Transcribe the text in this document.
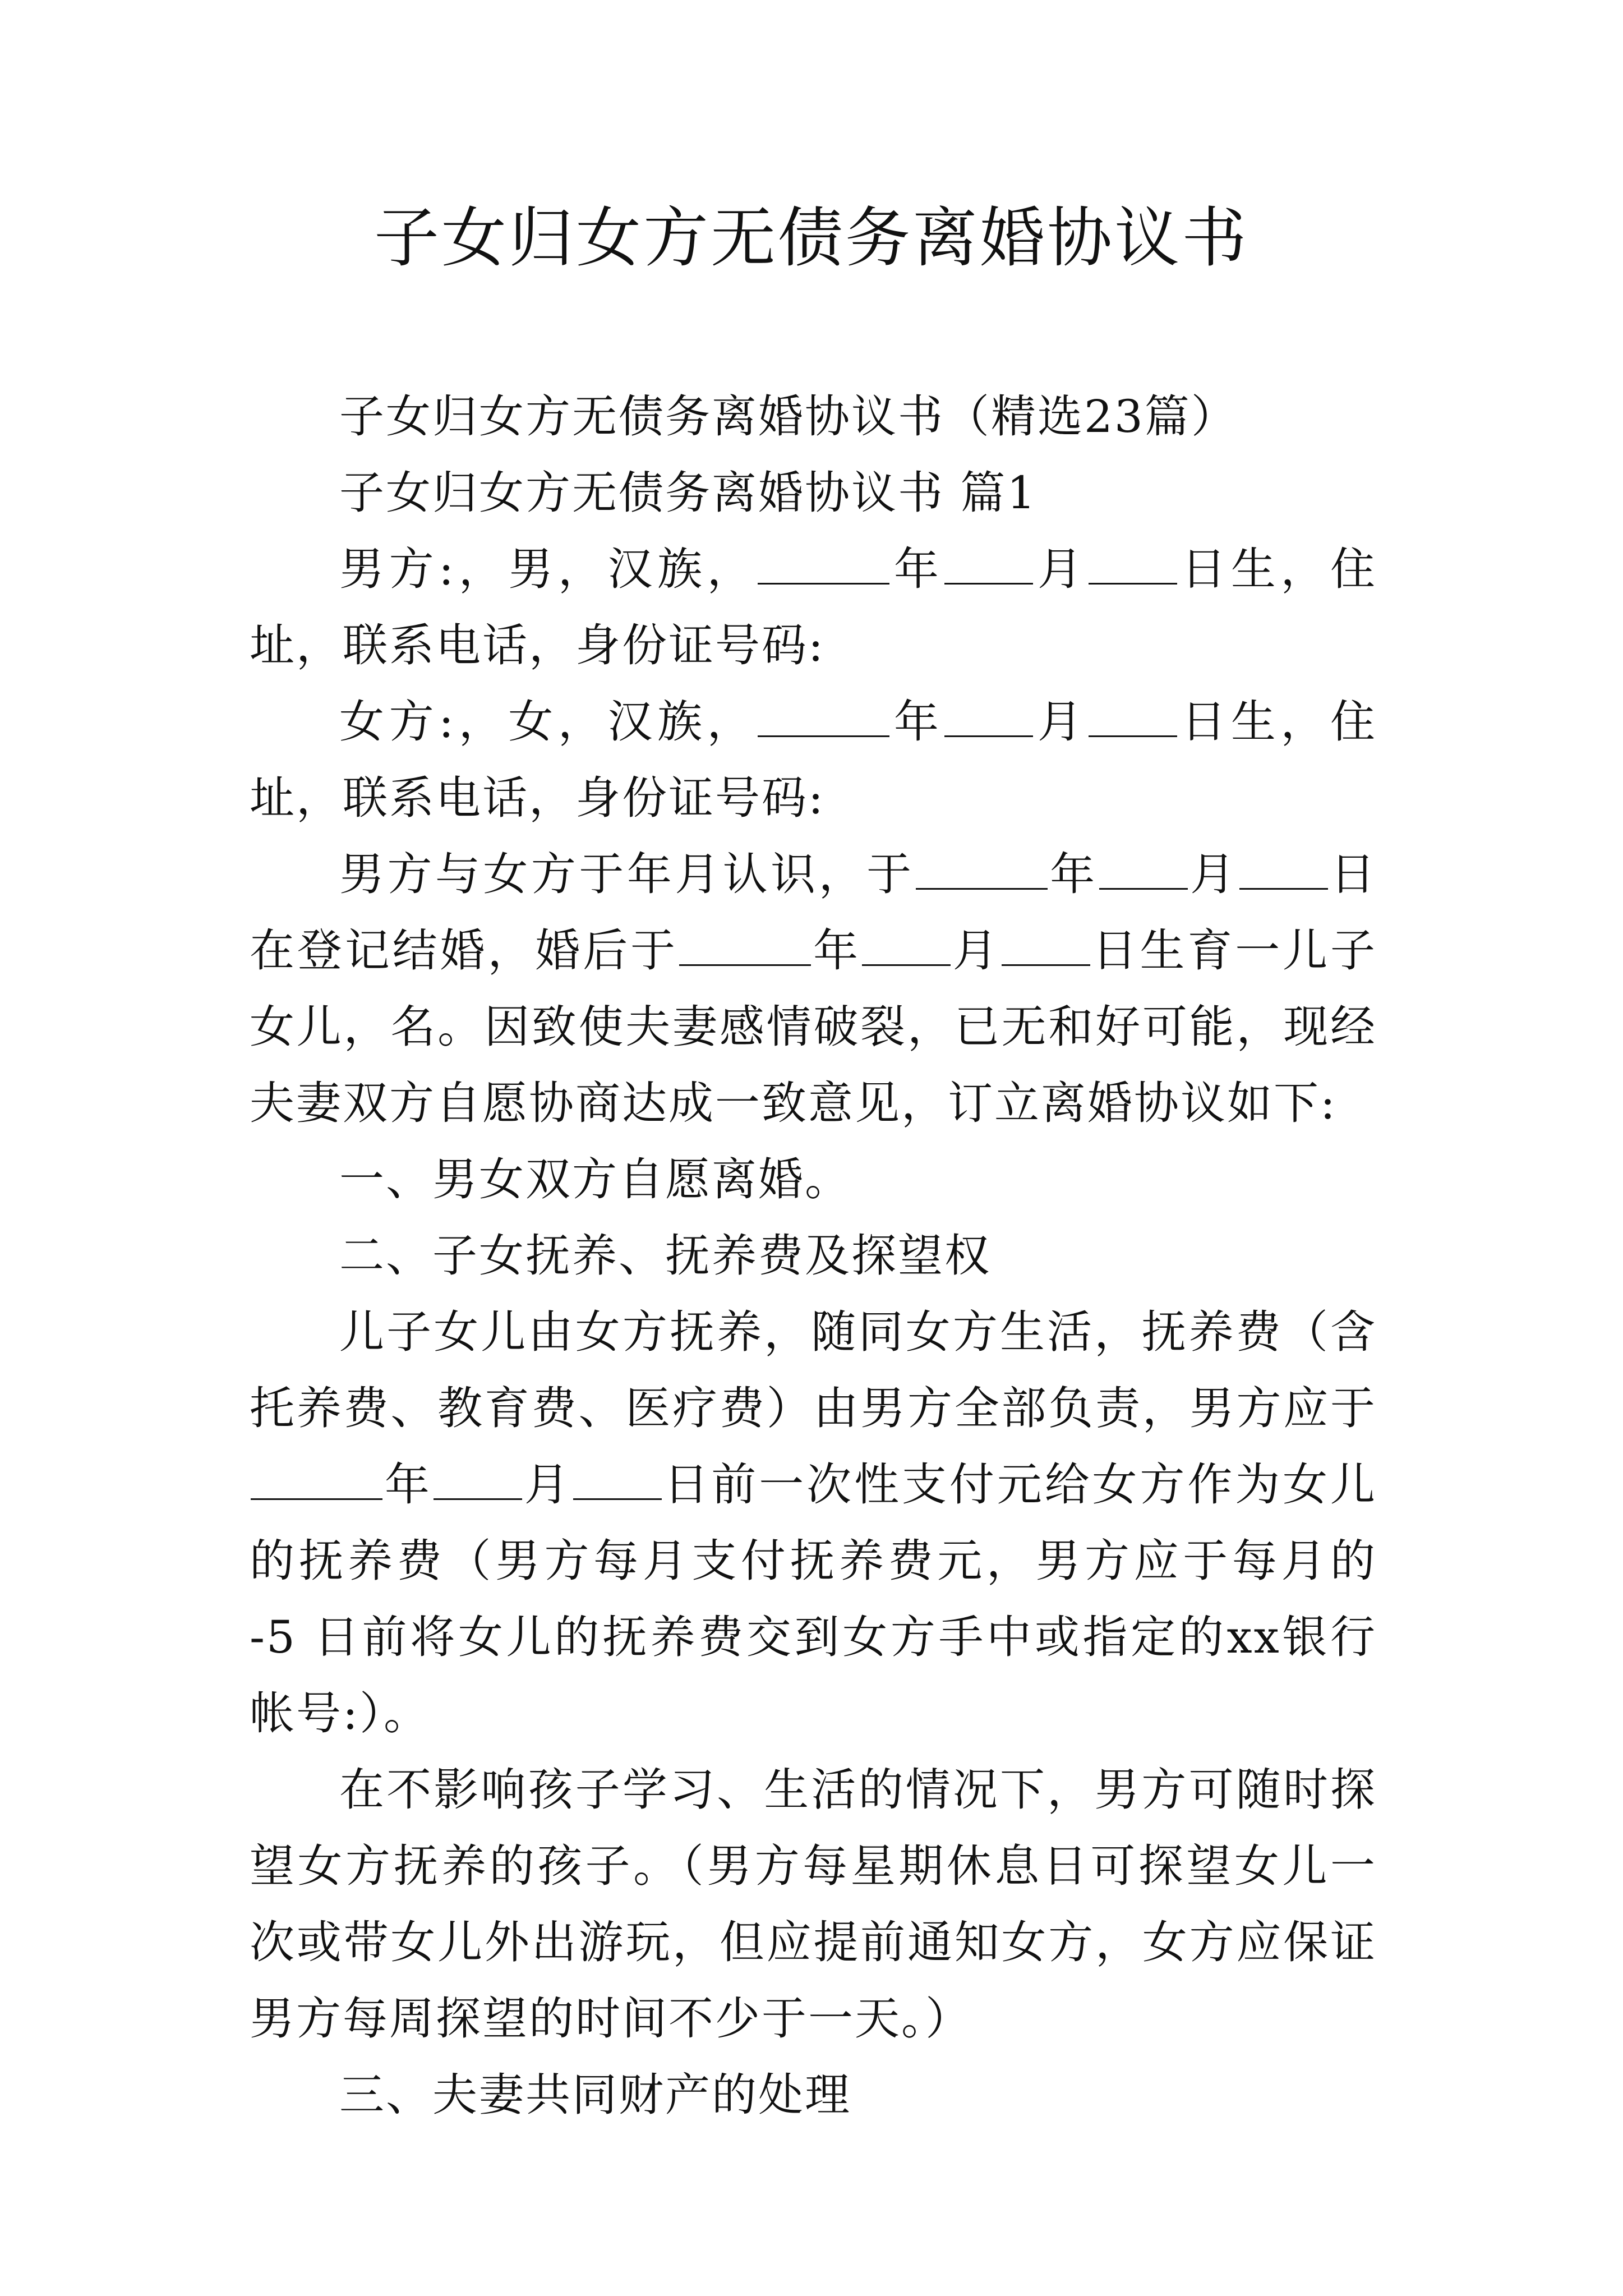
子女归女方无债务离婚协议书

子女归女方无债务离婚协议书（精选23篇）

子女归女方无债务离婚协议书 篇1

男方:，男，汉族，	年 月 日生，住址，联系电话，身份证号码:

女方:，女，汉族，	年 月 日生，住址，联系电话，身份证号码:

男方与女方于年月认识，于	年 月 日在登记结婚，婚后于	年 月 日生育一儿子女儿，名。因致使夫妻感情破裂，已无和好可能，现经夫妻双方自愿协商达成一致意见，订立离婚协议如下:

一、男女双方自愿离婚。

二、子女抚养、抚养费及探望权

儿子女儿由女方抚养，随同女方生活，抚养费（含托养费、教育费、医疗费）由男方全部负责，男方应于年 月 日前一次性支付元给女方作为女儿的抚养费（男方每月支付抚养费元，男方应于每月的 -5 日前将女儿的抚养费交到女方手中或指定的xx银行帐号:）。

在不影响孩子学习、生活的情况下，男方可随时探望女方抚养的孩子。（男方每星期休息日可探望女儿一次或带女儿外出游玩，但应提前通知女方，女方应保证男方每周探望的时间不少于一天。）

三、夫妻共同财产的处理
